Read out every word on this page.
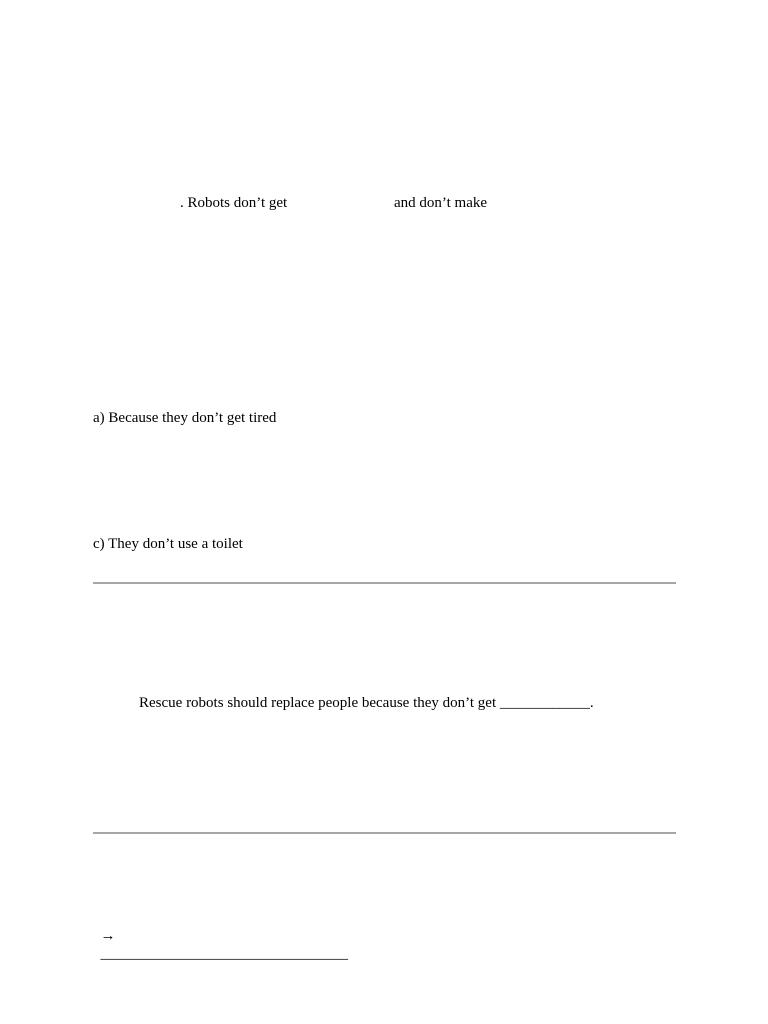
. Robots don’t get	and don’t make
a) Because they don’t get tired
c) They don’t use a toilet
Rescue robots should replace people because they don’t get ____________.

→
_________________________________
